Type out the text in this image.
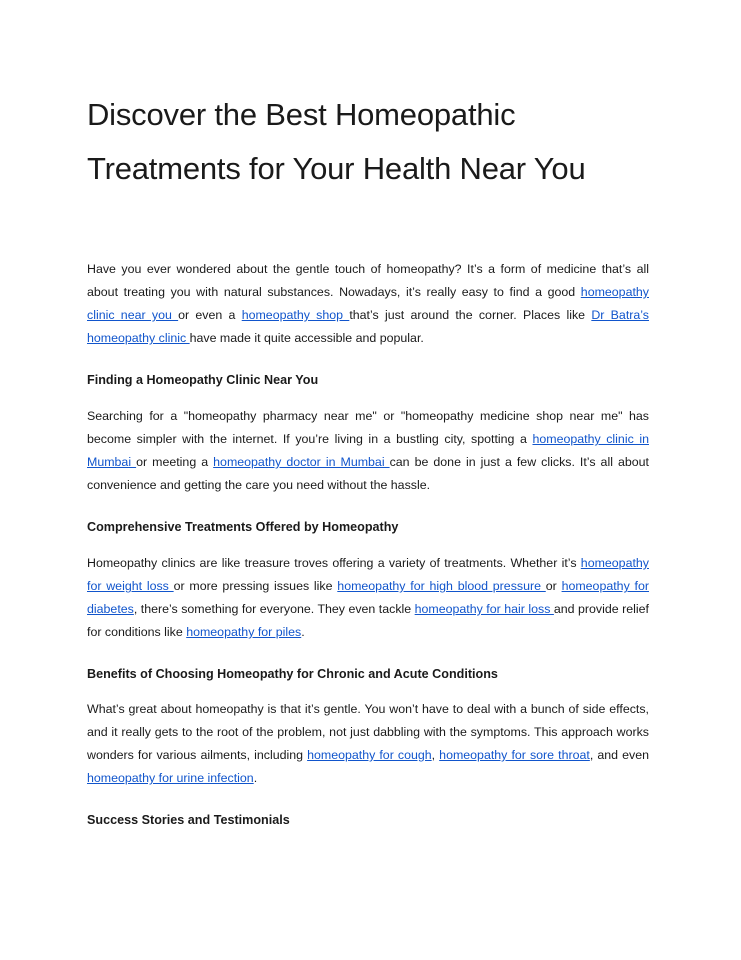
Discover the Best Homeopathic
Treatments for Your Health Near You

Have you ever wondered about the gentle touch of homeopathy? It’s a form of medicine that’s all about treating you with natural substances. Nowadays, it’s really easy to find a good homeopathy clinic near you or even a homeopathy shop that’s just around the corner. Places like Dr Batra’s homeopathy clinic have made it quite accessible and popular.

Finding a Homeopathy Clinic Near You

Searching for a "homeopathy pharmacy near me" or "homeopathy medicine shop near me" has become simpler with the internet. If you’re living in a bustling city, spotting a homeopathy clinic in Mumbai or meeting a homeopathy doctor in Mumbai can be done in just a few clicks. It’s all about convenience and getting the care you need without the hassle.

Comprehensive Treatments Offered by Homeopathy

Homeopathy clinics are like treasure troves offering a variety of treatments. Whether it’s homeopathy for weight loss or more pressing issues like homeopathy for high blood pressure or homeopathy for diabetes, there’s something for everyone. They even tackle homeopathy for hair loss and provide relief for conditions like homeopathy for piles.

Benefits of Choosing Homeopathy for Chronic and Acute Conditions

What’s great about homeopathy is that it’s gentle. You won’t have to deal with a bunch of side effects, and it really gets to the root of the problem, not just dabbling with the symptoms. This approach works wonders for various ailments, including homeopathy for cough, homeopathy for sore throat, and even homeopathy for urine infection.

Success Stories and Testimonials
